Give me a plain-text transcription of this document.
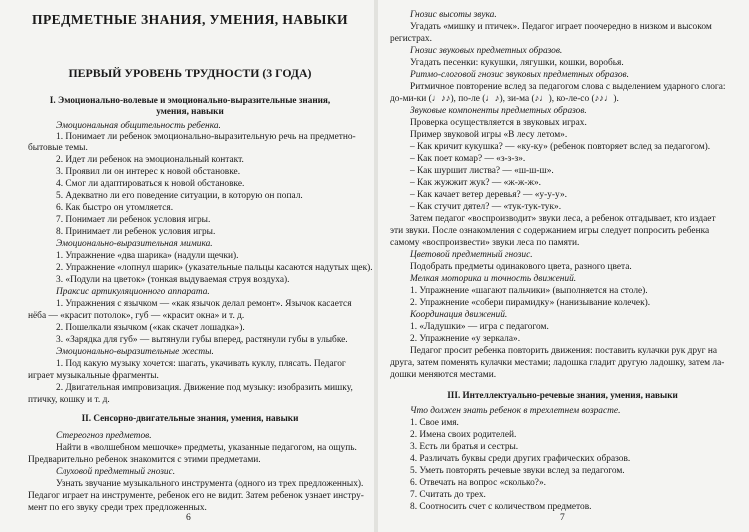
ПРЕДМЕТНЫЕ ЗНАНИЯ, УМЕНИЯ, НАВЫКИ
ПЕРВЫЙ УРОВЕНЬ ТРУДНОСТИ (3 ГОДА)
I. Эмоционально-волевые и эмоционально-выразительные знания,
умения, навыки
Эмоциональная общительность ребенка.
1. Понимает ли ребенок эмоционально-выразительную речь на предметно-
бытовые темы.
2. Идет ли ребенок на эмоциональный контакт.
3. Проявил ли он интерес к новой обстановке.
4. Смог ли адаптироваться к новой обстановке.
5. Адекватно ли его поведение ситуации, в которую он попал.
6. Как быстро он утомляется.
7. Понимает ли ребенок условия игры.
8. Принимает ли ребенок условия игры.
Эмоционально-выразительная мимика.
1. Упражнение «два шарика» (надули щечки).
2. Упражнение «лопнул шарик» (указательные пальцы касаются надутых щек).
3. «Подули на цветок» (тонкая выдуваемая струя воздуха).
Праксис артикуляционного аппарата.
1. Упражнения с язычком — «как язычок делал ремонт». Язычок касается
нёба — «красит потолок», губ — «красит окна» и т. д.
2. Пошелкали язычком («как скачет лошадка»).
3. «Зарядка для губ» — вытянули губы вперед, растянули губы в улыбке.
Эмоционально-выразительные жесты.
1. Под какую музыку хочется: шагать, укачивать куклу, плясать. Педагог
играет музыкальные фрагменты.
2. Двигательная импровизация. Движение под музыку: изобразить мишку,
птичку, кошку и т. д.
II. Сенсорно-двигательные знания, умения, навыки
Стереогноз предметов.
Найти в «волшебном мешочке» предметы, указанные педагогом, на ощупь.
Предварительно ребенок знакомится с этими предметами.
Слуховой предметный гнозис.
Узнать звучание музыкального инструмента (одного из трех предложенных).
Педагог играет на инструменте, ребенок его не видит. Затем ребенок узнает инстру-
мент по его звуку среди трех предложенных.
6
Гнозис высоты звука.
Угадать «мишку и птичек». Педагог играет поочередно в низком и высоком
регистрах.
Гнозис звуковых предметных образов.
Угадать песенки: кукушки, лягушки, кошки, воробья.
Ритмо-слоговой гнозис звуковых предметных образов.
Ритмичное повторение вслед за педагогом слова с выделением ударного слога:
до-ми-ки (♩♪♪), по-ле (♩♪), зи-ма (♪♩), ко-ле-со (♪♪♩).
Звуковые компоненты предметных образов.
Проверка осуществляется в звуковых играх.
Пример звуковой игры «В лесу летом».
– Как кричит кукушка? — «ку-ку» (ребенок повторяет вслед за педагогом).
– Как поет комар? — «з-з-з».
– Как шуршит листва? — «ш-ш-ш».
– Как жужжит жук? — «ж-ж-ж».
– Как качает ветер деревья? — «у-у-у».
– Как стучит дятел? — «тук-тук-тук».
Затем педагог «воспроизводит» звуки леса, а ребенок отгадывает, кто издает
эти звуки. После ознакомления с содержанием игры следует попросить ребенка
самому «воспроизвести» звуки леса по памяти.
Цветовой предметный гнозис.
Подобрать предметы одинакового цвета, разного цвета.
Мелкая моторика и точность движений.
1. Упражнение «шагают пальчики» (выполняется на столе).
2. Упражнение «собери пирамидку» (нанизывание колечек).
Координация движений.
1. «Ладушки» — игра с педагогом.
2. Упражнение «у зеркала».
Педагог просит ребенка повторить движения: поставить кулачки рук друг на
друга, затем поменять кулачки местами; ладошка гладит другую ладошку, затем ла-
дошки меняются местами.
III. Интеллектуально-речевые знания, умения, навыки
Что должен знать ребенок в трехлетнем возрасте.
1. Свое имя.
2. Имена своих родителей.
3. Есть ли братья и сестры.
4. Различать буквы среди других графических образов.
5. Уметь повторять речевые звуки вслед за педагогом.
6. Отвечать на вопрос «сколько?».
7. Считать до трех.
8. Соотносить счет с количеством предметов.
7
